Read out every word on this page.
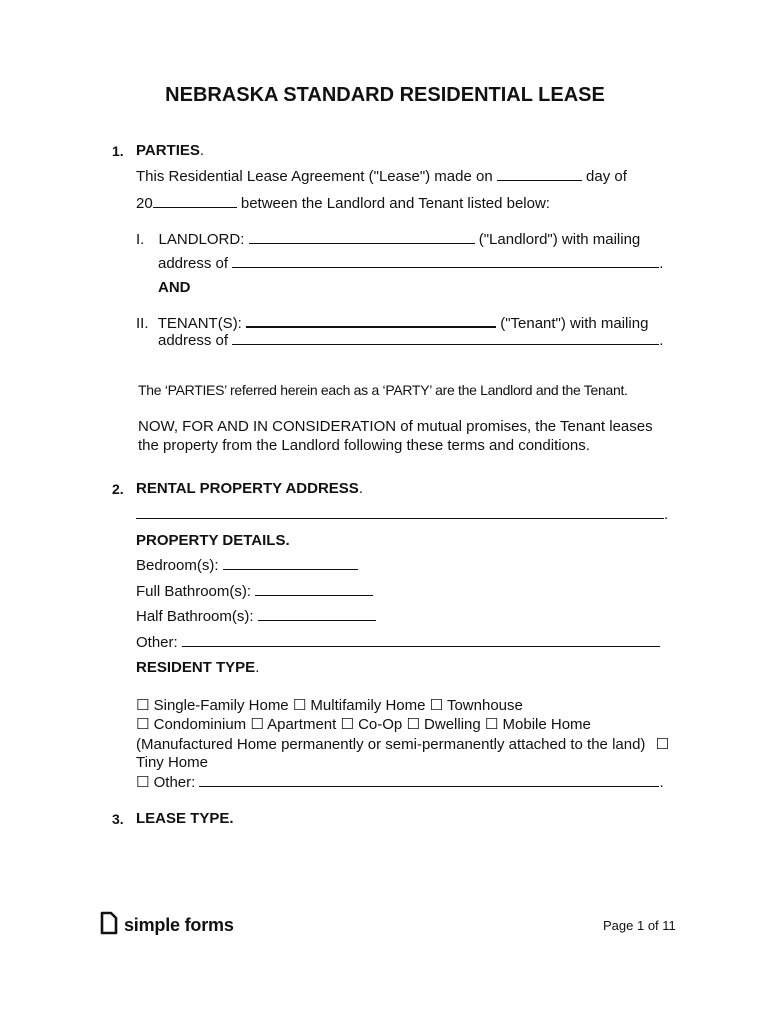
NEBRASKA STANDARD RESIDENTIAL LEASE
1. PARTIES.
This Residential Lease Agreement ("Lease") made on	day of
20	between the Landlord and Tenant listed below:
I. LANDLORD:	("Landlord") with mailing
address of	.
AND
II. TENANT(S):	("Tenant") with mailing
address of	.
The ‘PARTIES’ referred herein each as a ‘PARTY’ are the Landlord and the Tenant.
NOW, FOR AND IN CONSIDERATION of mutual promises, the Tenant leases
the property from the Landlord following these terms and conditions.
2. RENTAL PROPERTY ADDRESS.
.
PROPERTY DETAILS.
Bedroom(s):
Full Bathroom(s):
Half Bathroom(s):
Other:
RESIDENT TYPE.
☐ Single-Family Home ☐ Multifamily Home ☐ Townhouse
☐ Condominium ☐ Apartment ☐ Co-Op ☐ Dwelling ☐ Mobile Home
(Manufactured Home permanently or semi-permanently attached to the land) ☐
Tiny Home
☐ Other:	.
3. LEASE TYPE.
simple forms	Page 1 of 11
